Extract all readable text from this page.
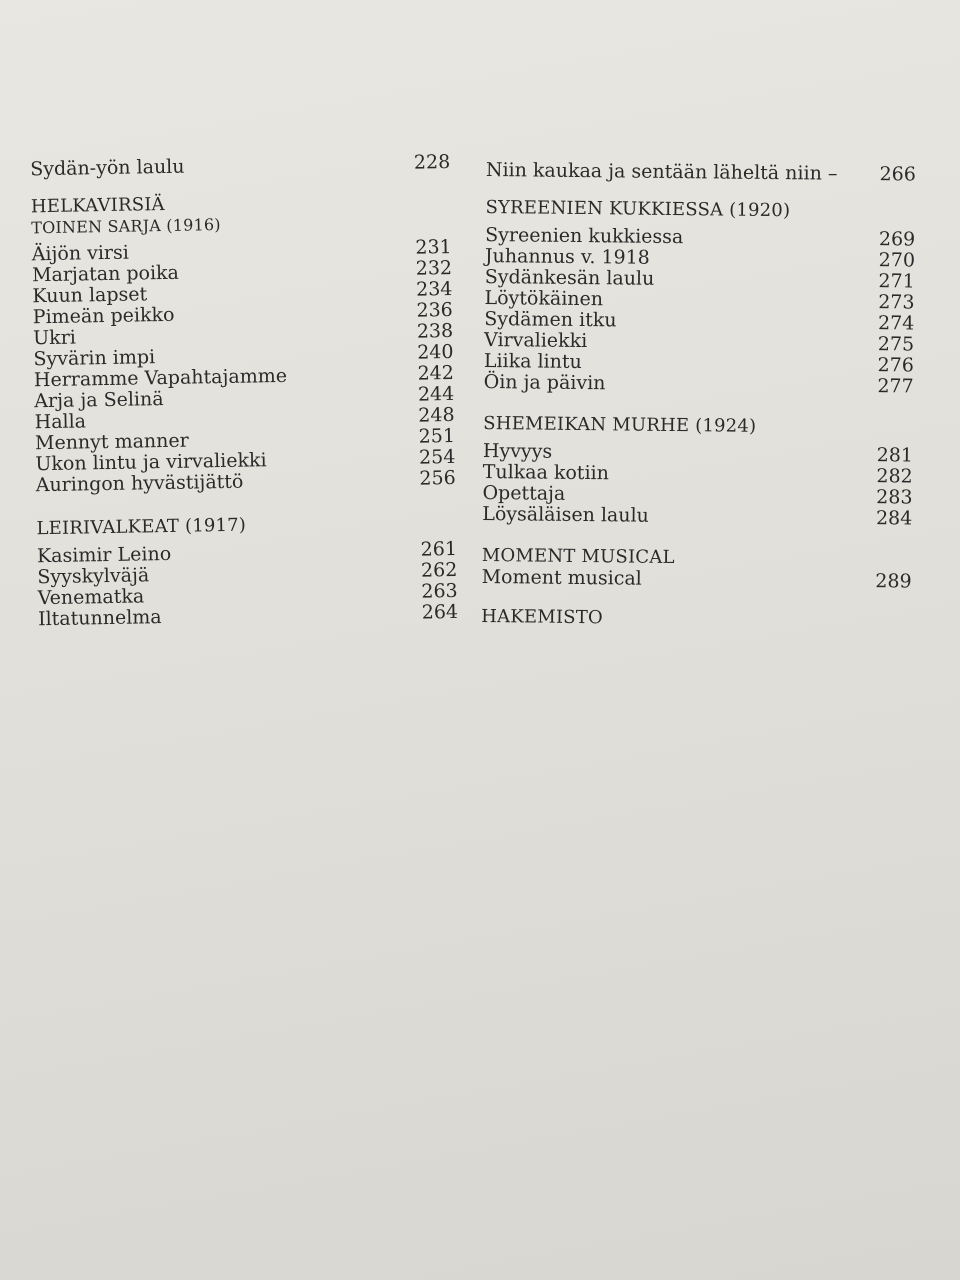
Sydän-yön laulu	228
HELKAVIRSIÄ
TOINEN SARJA (1916)
Äijön virsi	231
Marjatan poika	232
Kuun lapset	234
Pimeän peikko	236
Ukri	238
Syvärin impi	240
Herramme Vapahtajamme	242
Arja ja Selinä	244
Halla	248
Mennyt manner	251
Ukon lintu ja virvaliekki	254
Auringon hyvästijättö	256
LEIRIVALKEAT (1917)
Kasimir Leino	261
Syyskylväjä	262
Venematka	263
Iltatunnelma	264
Niin kaukaa ja sentään läheltä niin – 266
SYREENIEN KUKKIESSA (1920)
Syreenien kukkiessa	269
Juhannus v. 1918	270
Sydänkesän laulu	271
Löytökäinen	273
Sydämen itku	274
Virvaliekki	275
Liika lintu	276
Öin ja päivin	277
SHEMEIKAN MURHE (1924)
Hyvyys	281
Tulkaa kotiin	282
Opettaja	283
Löysäläisen laulu	284
MOMENT MUSICAL
Moment musical	289
HAKEMISTO
